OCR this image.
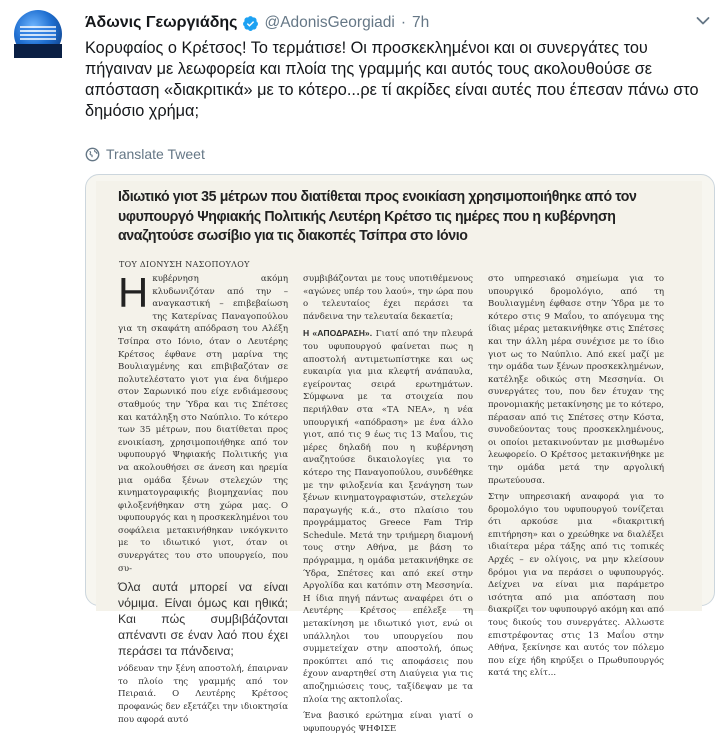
Άδωνις Γεωργιάδης @AdonisGeorgiadi · 7h

Κορυφαίος ο Κρέτσος! Το τερμάτισε! Οι προσκεκλημένοι και οι συνεργάτες του πήγαιναν με λεωφορεία και πλοία της γραμμής και αυτός τους ακολουθούσε σε απόσταση «διακριτικά» με το κότερο...ρε τί ακρίδες είναι αυτές που έπεσαν πάνω στο δημόσιο χρήμα;

Translate Tweet

Ιδιωτικό γιοτ 35 μέτρων που διατίθεται προς ενοικίαση χρησιμοποιήθηκε από τον υφυπουργό Ψηφιακής Πολιτικής Λευτέρη Κρέτσο τις ημέρες που η κυβέρνηση αναζητούσε σωσίβιο για τις διακοπές Τσίπρα στο Ιόνιο

ΤΟΥ ΔΙΟΝΥΣΗ ΝΑΣΟΠΟΥΛΟΥ

Ηκυβέρνηση ακόμη κλυδωνιζόταν από την – αναγκαστική – επιβεβαίωση της Κατερίνας Παναγοπούλου για τη σκαφάτη απόδραση του Αλέξη Τσίπρα στο Ιόνιο, όταν ο Λευτέρης Κρέτσος έφθανε στη μαρίνα της Βουλιαγμένης και επιβιβαζόταν σε πολυτελέστατο γιοτ για ένα διήμερο στον Σαρωνικό που είχε ενδιάμεσους σταθμούς την Ύδρα και τις Σπέτσες και κατάληξη στο Ναύπλιο. Το κότερο των 35 μέτρων, που διατίθεται προς ενοικίαση, χρησιμοποιήθηκε από τον υφυπουργό Ψηφιακής Πολιτικής για να ακολουθήσει σε άνεση και ηρεμία μια ομάδα ξένων στελεχών της κινηματογραφικής βιομηχανίας που φιλοξενήθηκαν στη χώρα μας. Ο υφυπουργός και η προσκεκλημένοι του σοφάλεια μετακινήθηκαν ινκόγκνιτο με το ιδιωτικό γιοτ, όταν οι συνεργάτες του στο υπουργείο, που συ-

Όλα αυτά μπορεί να είναι νόμιμα. Είναι όμως και ηθικά; Και πώς συμβιβάζονται απέναντι σε έναν λαό που έχει περάσει τα πάνδεινα;

νόδευαν την ξένη αποστολή, έπαιρναν το πλοίο της γραμμής από τον Πειραιά. Ο Λευτέρης Κρέτσος προφανώς δεν εξετάζει την ιδιοκτησία που αφορά αυτό

συμβιβάζονται με τους υποτιθέμενους «αγώνες υπέρ του λαού», την ώρα που ο τελευταίος έχει περάσει τα πάνδεινα την τελευταία δεκαετία;

Η «ΑΠΟΔΡΑΣΗ». Γιατί από την πλευρά του υφυπουργού φαίνεται πως η αποστολή αντιμετωπίστηκε και ως ευκαιρία για μια κλεφτή ανάπαυλα, εγείροντας σειρά ερωτημάτων. Σύμφωνα με τα στοιχεία που περιήλθαν στα «ΤΑ ΝΕΑ», η νέα υπουργική «απόδραση» με ένα άλλο γιοτ, από τις 9 έως τις 13 Μαΐου, τις μέρες δηλαδή που η κυβέρνηση αναζητούσε δικαιολογίες για το κότερο της Παναγοπούλου, συνδέθηκε με την φιλοξενία και ξενάγηση των ξένων κινηματογραφιστών, στελεχών παραγωγής κ.ά., στο πλαίσιο του προγράμματος Greece Fam Trip Schedule. Μετά την τριήμερη διαμονή τους στην Αθήνα, με βάση το πρόγραμμα, η ομάδα μετακινήθηκε σε Ύδρα, Σπέτσες και από εκεί στην Αργολίδα και κατόπιν στη Μεσσηνία. Η ίδια πηγή πάντως αναφέρει ότι ο Λευτέρης Κρέτσος επέλεξε τη μετακίνηση με ιδιωτικό γιοτ, ενώ οι υπάλληλοι του υπουργείου που συμμετείχαν στην αποστολή, όπως προκύπτει από τις αποφάσεις που έχουν αναρτηθεί στη Διαύγεια για τις αποζημιώσεις τους, ταξίδεψαν με τα πλοία της ακτοπλοΐας.

Ένα βασικό ερώτημα είναι γιατί ο υφυπουργός ΨΗΦΙΣΕ

στο υπηρεσιακό σημείωμα για το υπουργικό δρομολόγιο, από τη Βουλιαγμένη έφθασε στην Ύδρα με το κότερο στις 9 Μαΐου, το απόγευμα της ίδιας μέρας μετακινήθηκε στις Σπέτσες και την άλλη μέρα συνέχισε με το ίδιο γιοτ ως το Ναύπλιο. Από εκεί μαζί με την ομάδα των ξένων προσκεκλημένων, κατέληξε οδικώς στη Μεσσηνία. Οι συνεργάτες του, που δεν έτυχαν της προνομιακής μετακίνησης με το κότερο, πέρασαν από τις Σπέτσες στην Κόστα, συνοδεύοντας τους προσκεκλημένους, οι οποίοι μετακινούνταν με μισθωμένο λεωφορείο. Ο Κρέτσος μετακινήθηκε με την ομάδα μετά την αργολική πρωτεύουσα.

Στην υπηρεσιακή αναφορά για το δρομολόγιο του υφυπουργού τονίζεται ότι αρκούσε μια «διακριτική επιτήρηση» και ο χρεώθηκε να διαλέξει ιδιαίτερα μέρα τάξης από τις τοπικές Αρχές – εν ολίγοις, να μην κλείσουν δρόμοι για να περάσει ο υφυπουργός. Δείχνει να είναι μια παράμετρο ισότητα από μια απόσταση που διακρίζει τον υφυπουργό ακόμη και από τους δικούς του συνεργάτες. Αλλωστε επιστρέφοντας στις 13 Μαΐου στην Αθήνα, ξεκίνησε και αυτός τον πόλεμο που είχε ήδη κηρύξει ο Πρωθυπουργός κατά της ελίτ...
